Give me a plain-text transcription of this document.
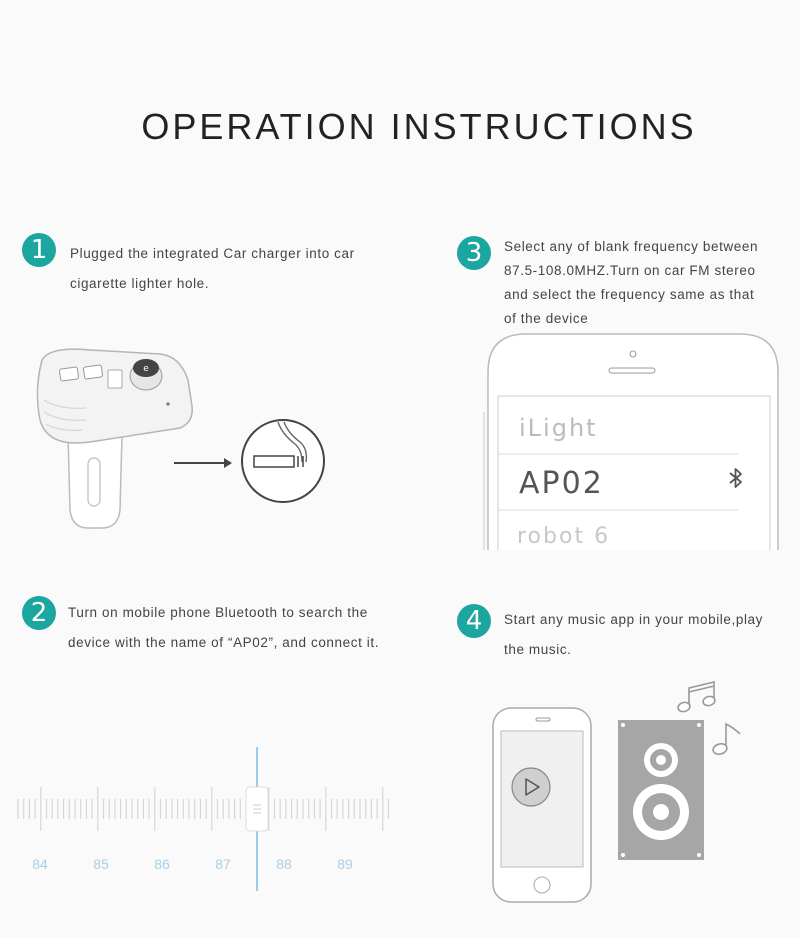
OPERATION INSTRUCTIONS
1	Plugged the integrated Car charger into car
cigarette lighter hole.
e
3	Select any of blank frequency between
87.5-108.0MHZ.Turn on car FM stereo
and select the frequency same as that
of the device
iLight
AP02
robot 6
2	Turn on mobile phone Bluetooth to search the
device with the name of “AP02”, and connect it.
84	85	86	87	88	89
4	Start any music app in your mobile,play
the music.
